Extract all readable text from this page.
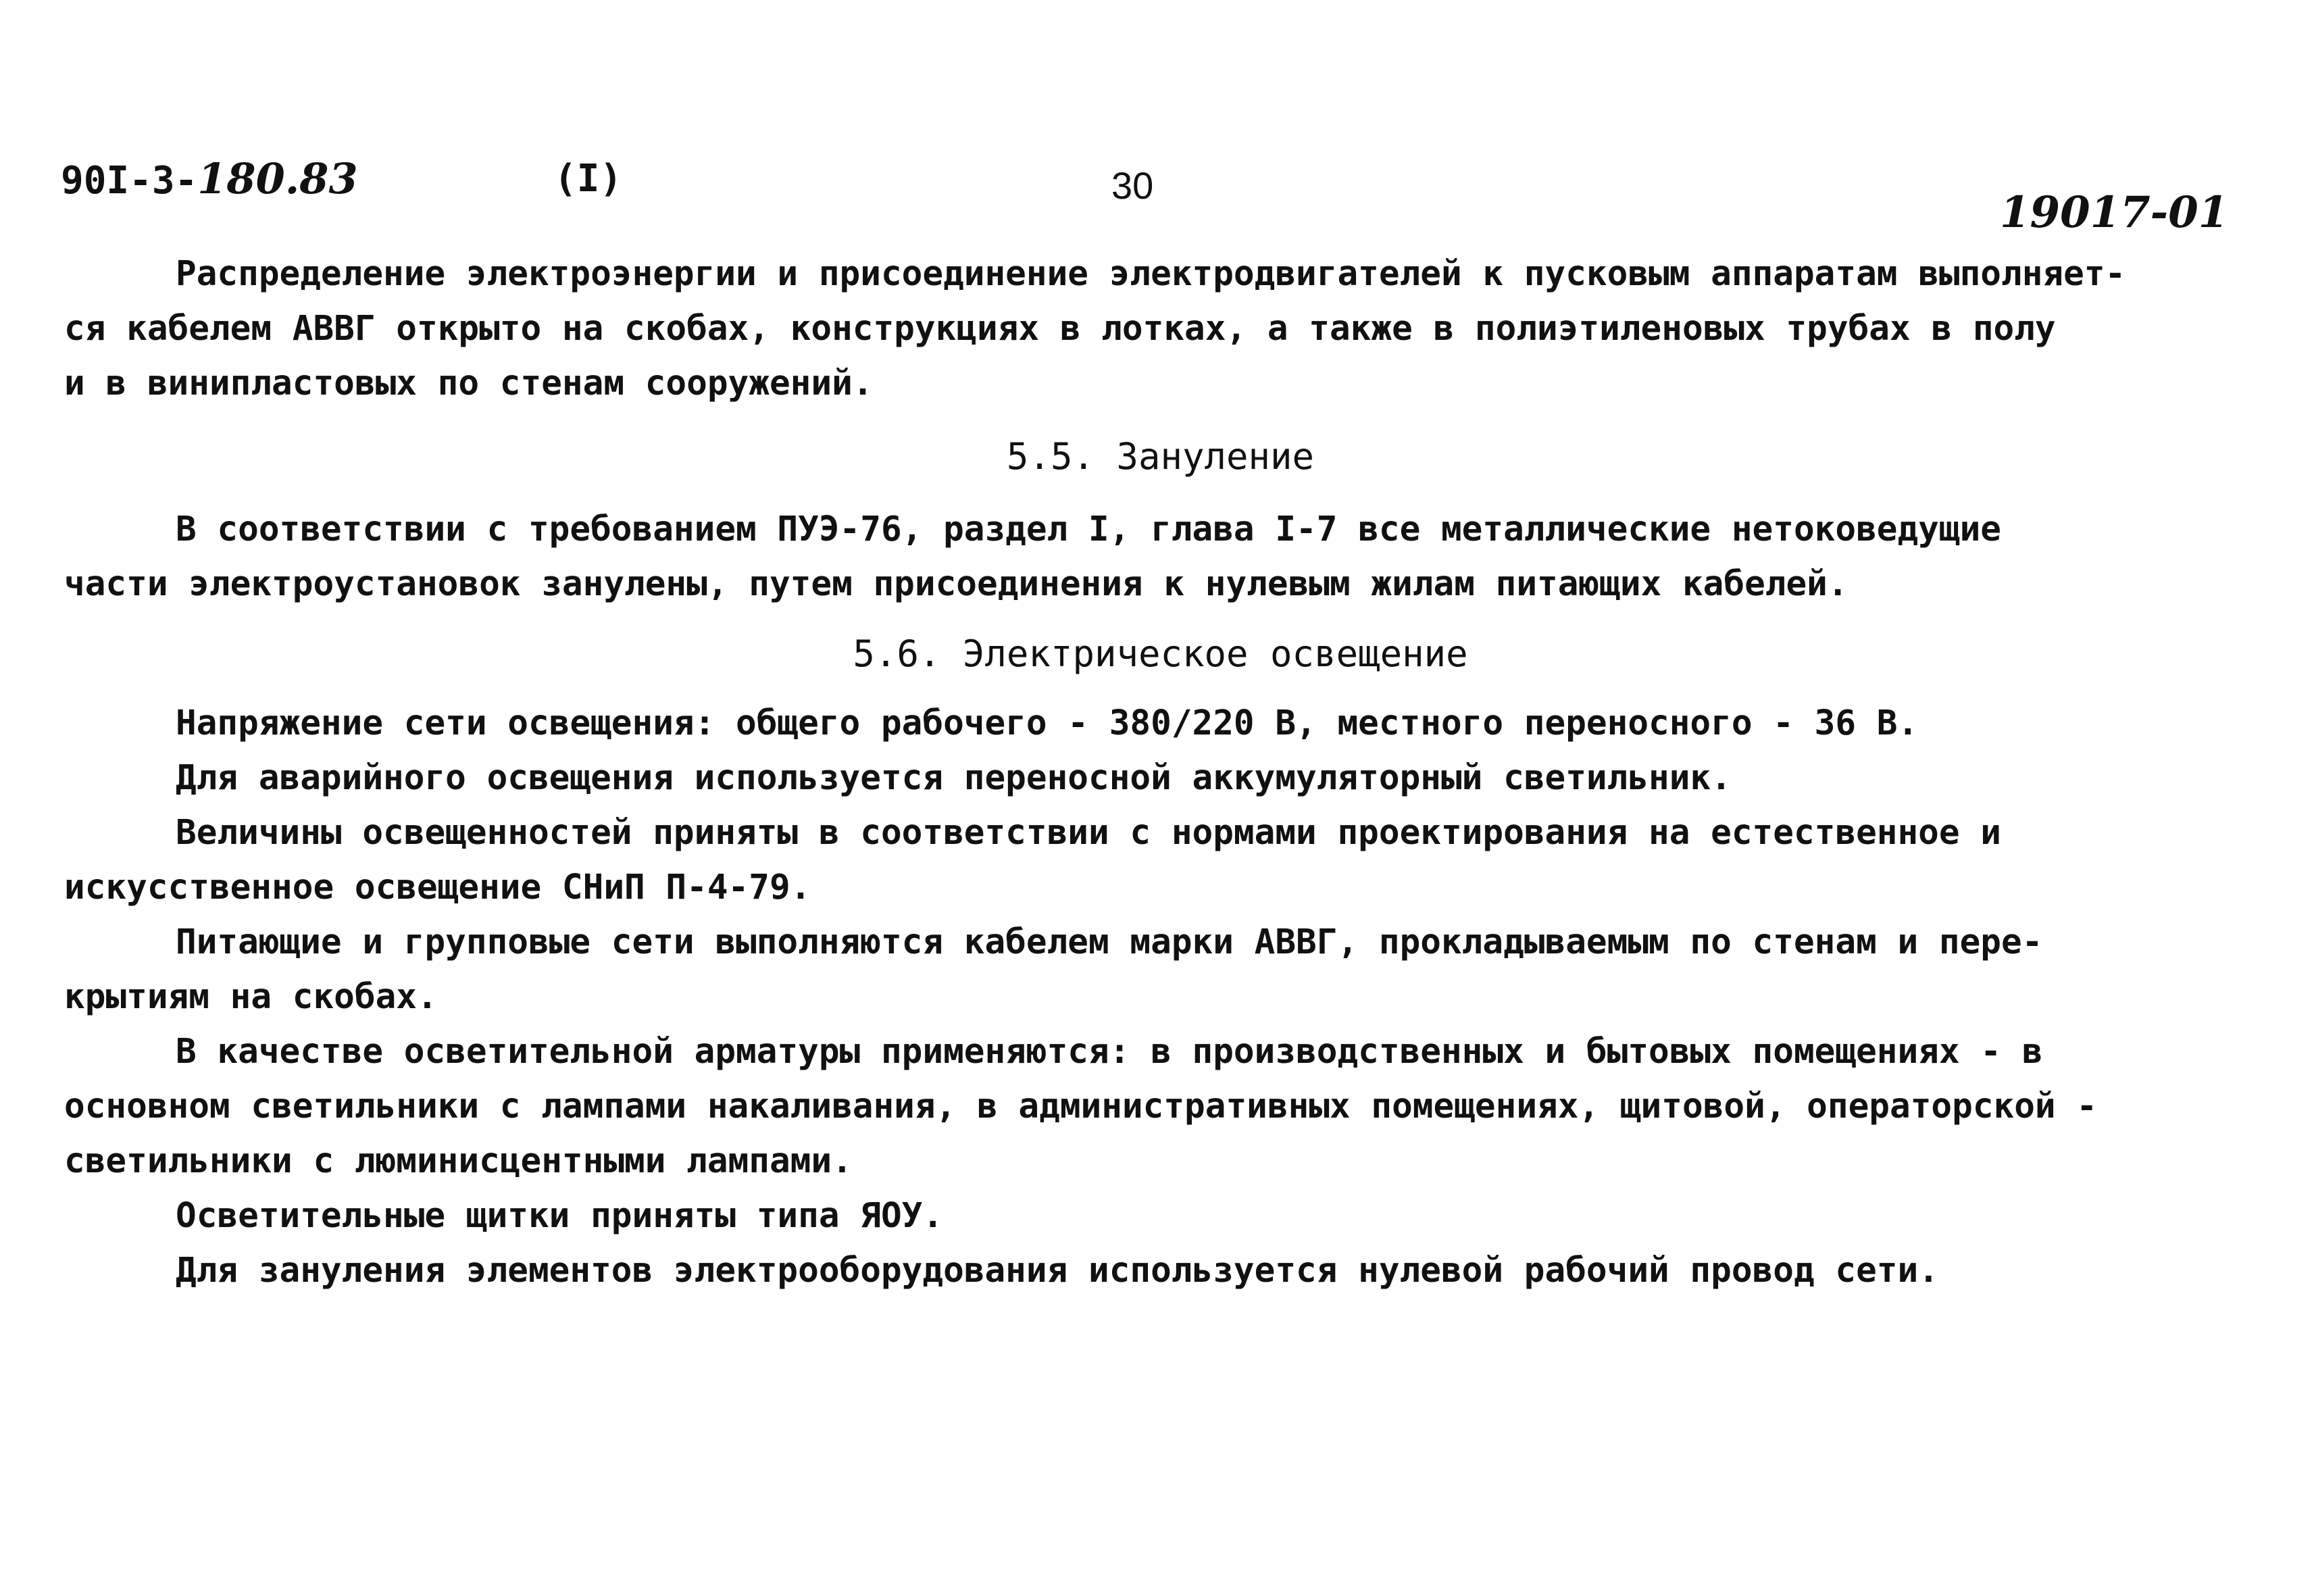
90I-3-180.83	(I)	30
19017-01

Распределение электроэнергии и присоединение электродвигателей к пусковым аппаратам выполняет-

ся кабелем АВВГ открыто на скобах, конструкциях в лотках, а также в полиэтиленовых трубах в полу

и в винипластовых по стенам сооружений.

5.5. Зануление

В соответствии с требованием ПУЭ-76, раздел I, глава I-7 все металлические нетоковедущие

части электроустановок занулены, путем присоединения к нулевым жилам питающих кабелей.

5.6. Электрическое освещение

Напряжение сети освещения: общего рабочего - 380/220 В, местного переносного - 36 В.

Для аварийного освещения используется переносной аккумуляторный светильник.

Величины освещенностей приняты в соответствии с нормами проектирования на естественное и

искусственное освещение СНиП П-4-79.

Питающие и групповые сети выполняются кабелем марки АВВГ, прокладываемым по стенам и пере-

крытиям на скобах.

В качестве осветительной арматуры применяются: в производственных и бытовых помещениях - в

основном светильники с лампами накаливания, в административных помещениях, щитовой, операторской -

светильники с люминисцентными лампами.

Осветительные щитки приняты типа ЯОУ.

Для зануления элементов электрооборудования используется нулевой рабочий провод сети.
